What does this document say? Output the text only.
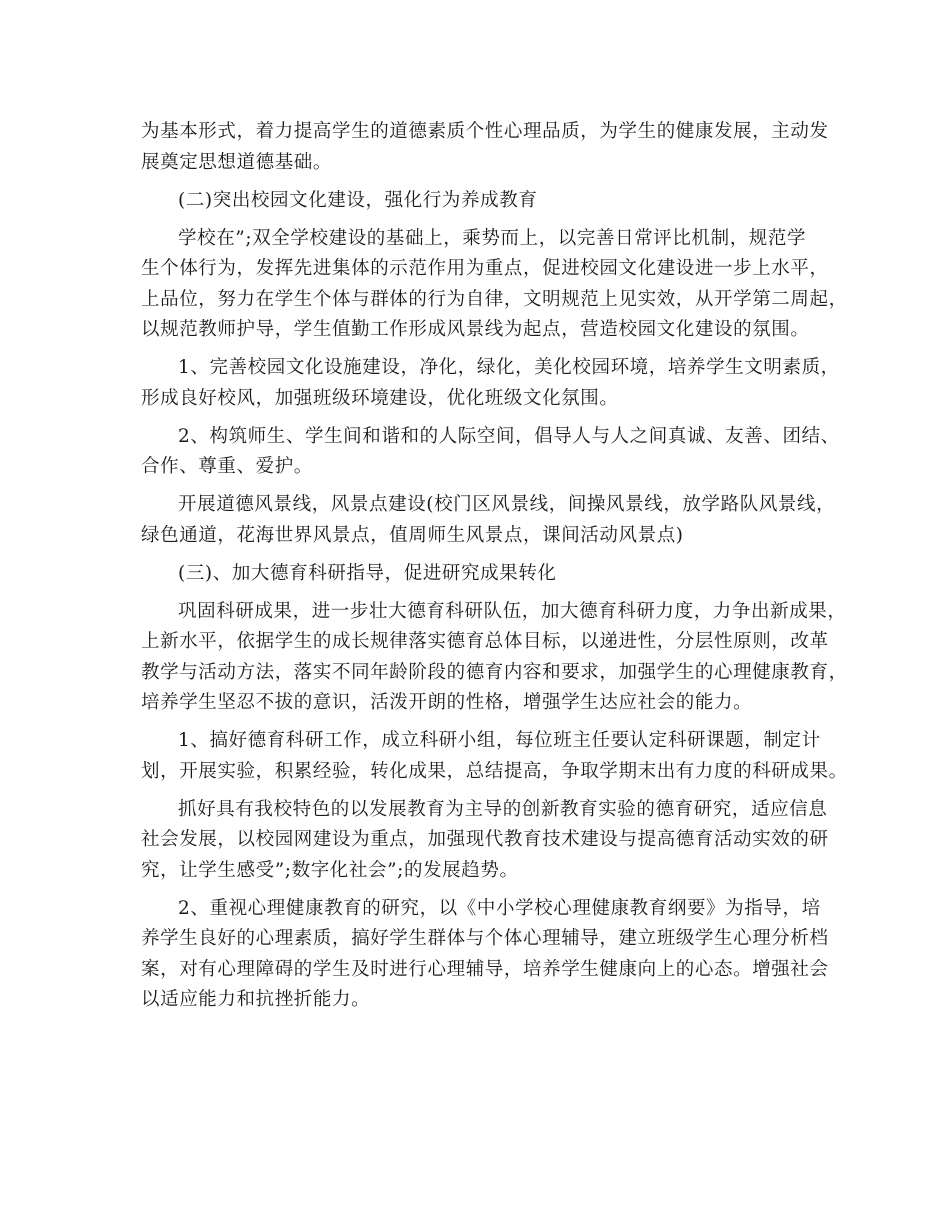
为基本形式，着力提高学生的道德素质个性心理品质，为学生的健康发展，主动发
展奠定思想道德基础。

(二)突出校园文化建设，强化行为养成教育

学校在”;双全学校建设的基础上，乘势而上，以完善日常评比机制，规范学
生个体行为，发挥先进集体的示范作用为重点，促进校园文化建设进一步上水平，
上品位，努力在学生个体与群体的行为自律，文明规范上见实效，从开学第二周起，
以规范教师护导，学生值勤工作形成风景线为起点，营造校园文化建设的氛围。

1、完善校园文化设施建设，净化，绿化，美化校园环境，培养学生文明素质，
形成良好校风，加强班级环境建设，优化班级文化氛围。

2、构筑师生、学生间和谐和的人际空间，倡导人与人之间真诚、友善、团结、
合作、尊重、爱护。

开展道德风景线，风景点建设(校门区风景线，间操风景线，放学路队风景线，
绿色通道，花海世界风景点，值周师生风景点，课间活动风景点)

(三)、加大德育科研指导，促进研究成果转化

巩固科研成果，进一步壮大德育科研队伍，加大德育科研力度，力争出新成果，
上新水平，依据学生的成长规律落实德育总体目标，以递进性，分层性原则，改革
教学与活动方法，落实不同年龄阶段的德育内容和要求，加强学生的心理健康教育，
培养学生坚忍不拔的意识，活泼开朗的性格，增强学生达应社会的能力。

1、搞好德育科研工作，成立科研小组，每位班主任要认定科研课题，制定计
划，开展实验，积累经验，转化成果，总结提高，争取学期末出有力度的科研成果。

抓好具有我校特色的以发展教育为主导的创新教育实验的德育研究，适应信息
社会发展，以校园网建设为重点，加强现代教育技术建设与提高德育活动实效的研
究，让学生感受”;数字化社会”;的发展趋势。

2、重视心理健康教育的研究，以《中小学校心理健康教育纲要》为指导，培
养学生良好的心理素质，搞好学生群体与个体心理辅导，建立班级学生心理分析档
案，对有心理障碍的学生及时进行心理辅导，培养学生健康向上的心态。增强社会
以适应能力和抗挫折能力。
